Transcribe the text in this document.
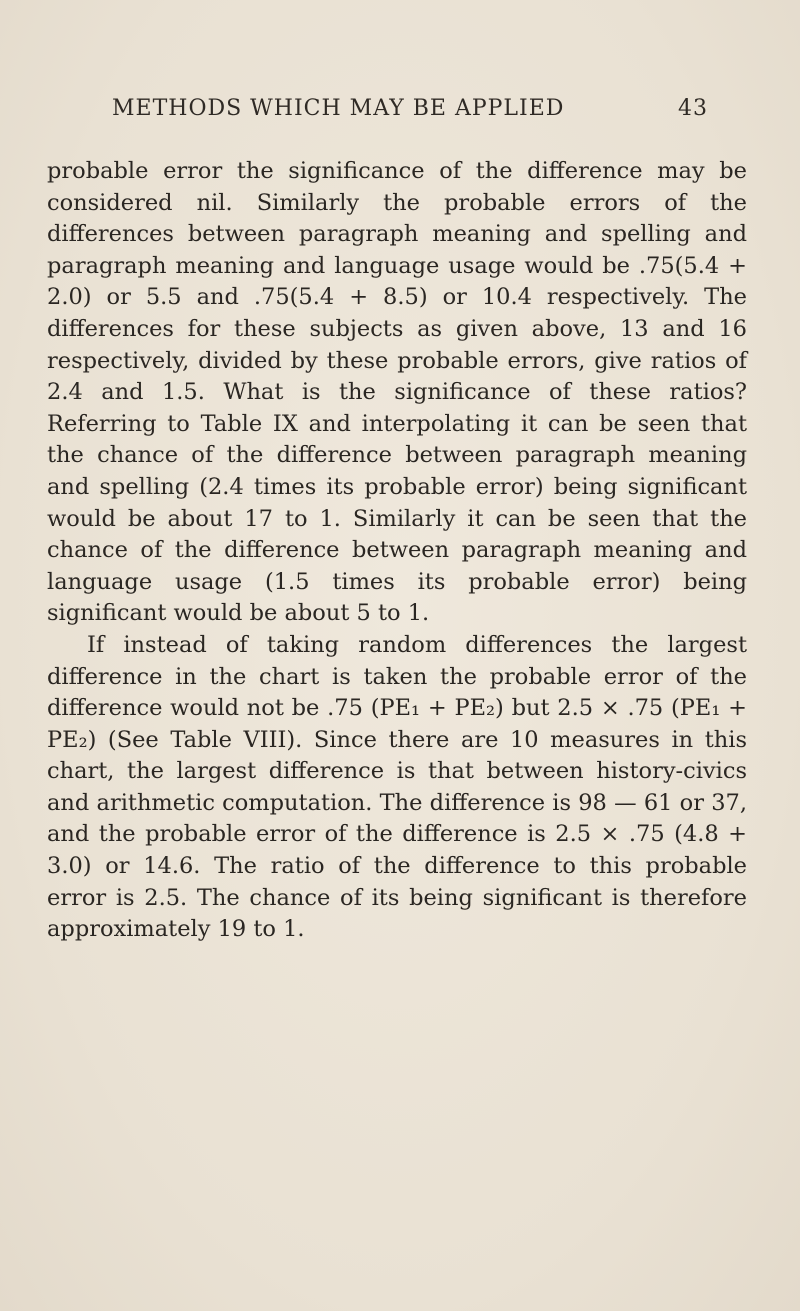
METHODS WHICH MAY BE APPLIED	43

probable error the significance of the difference may be considered nil. Similarly the probable errors of the differences between paragraph meaning and spelling and paragraph meaning and language usage would be .75(5.4 + 2.0) or 5.5 and .75(5.4 + 8.5) or 10.4 respectively. The differences for these subjects as given above, 13 and 16 respectively, divided by these probable errors, give ratios of 2.4 and 1.5. What is the significance of these ratios? Referring to Table IX and interpolating it can be seen that the chance of the difference between paragraph meaning and spelling (2.4 times its probable error) being significant would be about 17 to 1. Similarly it can be seen that the chance of the difference between paragraph meaning and language usage (1.5 times its probable error) being significant would be about 5 to 1.

If instead of taking random differences the largest difference in the chart is taken the probable error of the difference would not be .75 (PE₁ + PE₂) but 2.5 × .75 (PE₁ + PE₂) (See Table VIII). Since there are 10 measures in this chart, the largest difference is that between history-civics and arithmetic computation. The difference is 98 — 61 or 37, and the probable error of the difference is 2.5 × .75 (4.8 + 3.0) or 14.6. The ratio of the difference to this probable error is 2.5. The chance of its being significant is therefore approximately 19 to 1.
